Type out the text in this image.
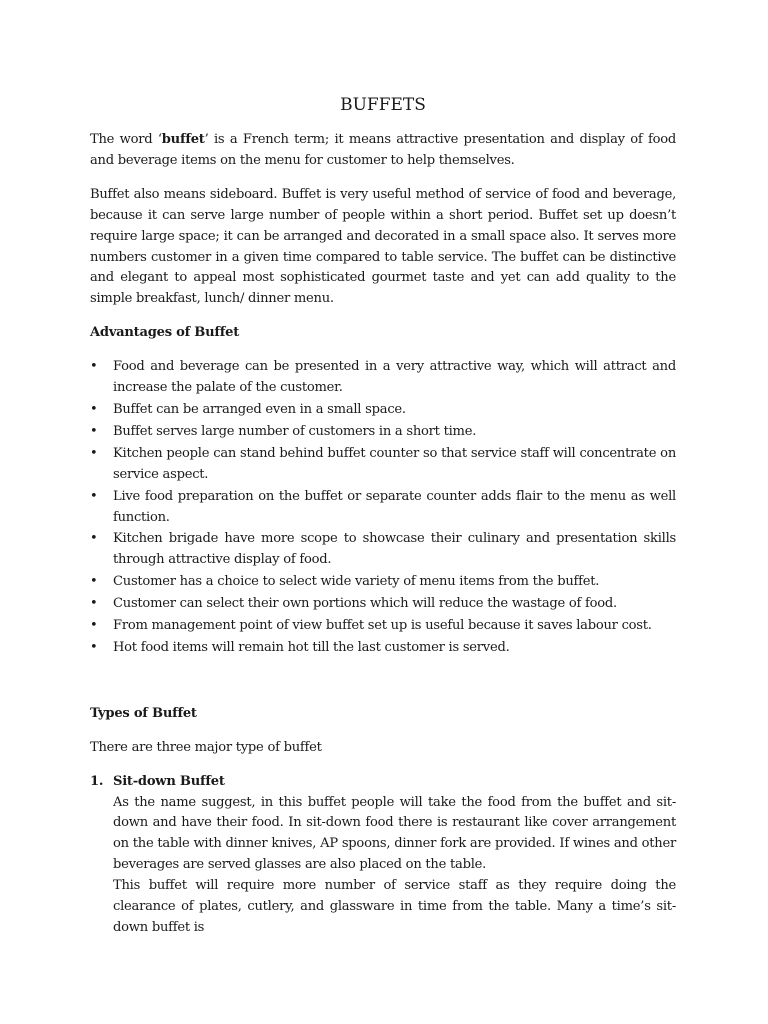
BUFFETS

The word ‘buffet’ is a French term; it means attractive presentation and display of food and beverage items on the menu for customer to help themselves.

Buffet also means sideboard. Buffet is very useful method of service of food and beverage, because it can serve large number of people within a short period. Buffet set up doesn’t require large space; it can be arranged and decorated in a small space also. It serves more numbers customer in a given time compared to table service. The buffet can be distinctive and elegant to appeal most sophisticated gourmet taste and yet can add quality to the simple breakfast, lunch/ dinner menu.

Advantages of Buffet

• Food and beverage can be presented in a very attractive way, which will attract and increase the palate of the customer.
• Buffet can be arranged even in a small space.
• Buffet serves large number of customers in a short time.
• Kitchen people can stand behind buffet counter so that service staff will concentrate on service aspect.
• Live food preparation on the buffet or separate counter adds flair to the menu as well function.
• Kitchen brigade have more scope to showcase their culinary and presentation skills through attractive display of food.
• Customer has a choice to select wide variety of menu items from the buffet.
• Customer can select their own portions which will reduce the wastage of food.
• From management point of view buffet set up is useful because it saves labour cost.
• Hot food items will remain hot till the last customer is served.

Types of Buffet

There are three major type of buffet

1. Sit-down Buffet

As the name suggest, in this buffet people will take the food from the buffet and sit-down and have their food. In sit-down food there is restaurant like cover arrangement on the table with dinner knives, AP spoons, dinner fork are provided. If wines and other beverages are served glasses are also placed on the table.

This buffet will require more number of service staff as they require doing the clearance of plates, cutlery, and glassware in time from the table. Many a time’s sit-down buffet is
